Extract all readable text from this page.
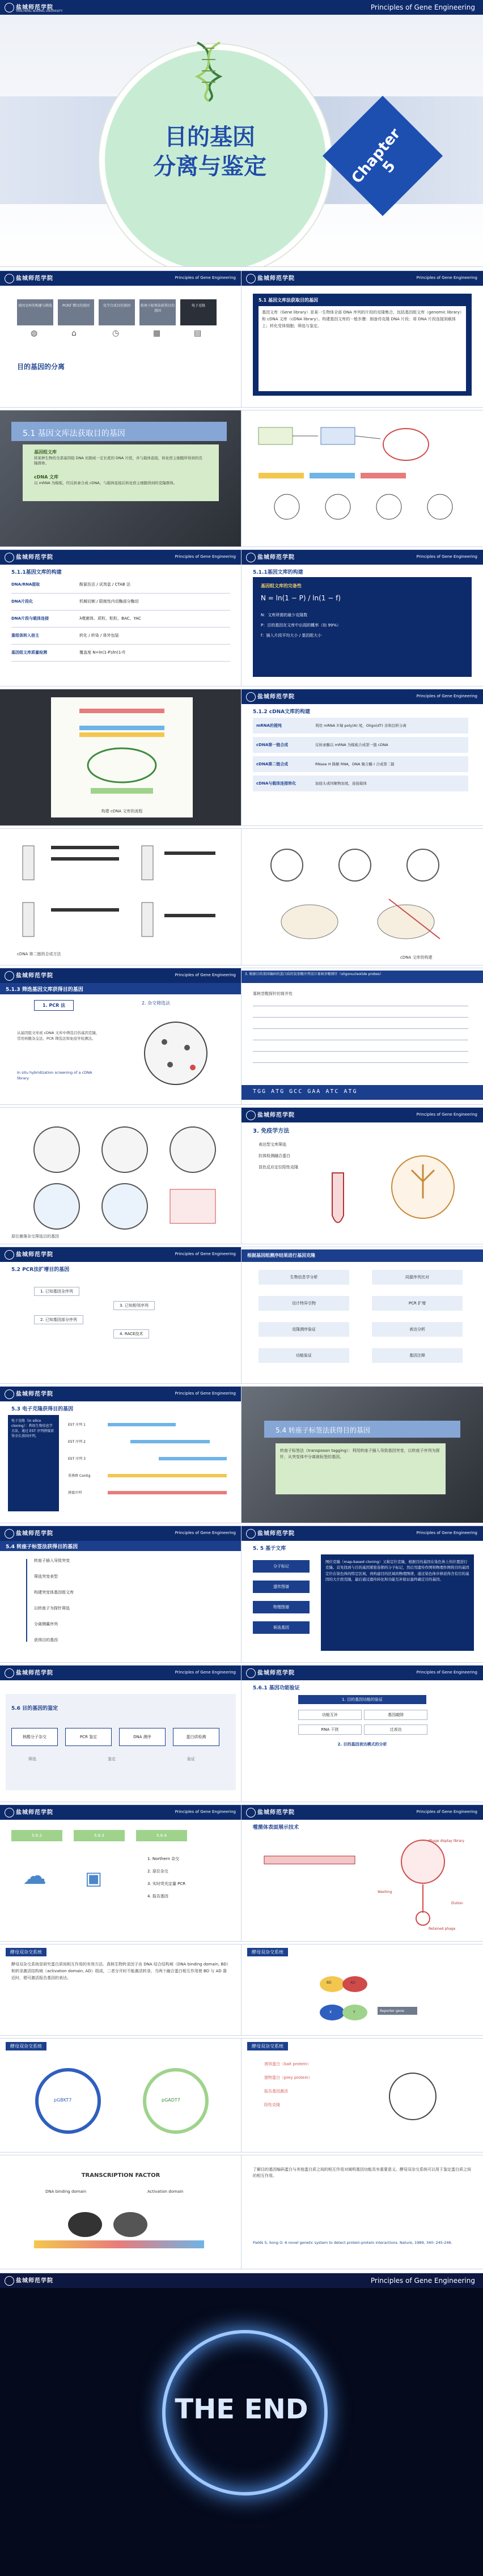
盐城师范学院
YANCHENG NORMAL UNIVERSITY	Principles of Gene Engineering
目的基因
分离与鉴定	Chapter 5
盐城师范学院	Principles of Gene Engineering
基因文库的构建与筛选	PCR扩增目的基因	化学合成目的基因	转座子标签法获得目的基因
电子克隆
◍	⌂	◷	▦	▤
目的基因的分离
盐城师范学院	Principles of Gene Engineering
5.1 基因文库法获取目的基因
基因文库（Gene library）是某一生物体全部 DNA 序列的片段的克隆集合，包括基因组文库（genomic library）和 cDNA 文库（cDNA library）。构建基因文库的一般步骤：制备待克隆 DNA 片段；将 DNA 片段连接到载体上；转化受体细胞；筛选与鉴定。
5.1 基因文库法获取目的基因
基因组文库
将某种生物的全部基因组 DNA 切割成一定长度的 DNA 片段，并与载体连接，转化宿主细胞所得到的克隆群体。
cDNA 文库
以 mRNA 为模板，经反转录合成 cDNA，与载体连接后转化宿主细胞得到的克隆群体。
盐城师范学院	Principles of Gene Engineering
5.1.1基因文库的构建
DNA/RNA提取	酚氯仿法 / 试剂盒 / CTAB 法
DNA片段化	机械切割 / 限制性内切酶部分酶切
DNA片段与载体连接	λ噬菌体、质粒、粘粒、BAC、YAC
重组体转入宿主	转化 / 转染 / 体外包装
基因组文库质量检测	覆盖度 N=ln(1-P)/ln(1-f)
盐城师范学院	Principles of Gene Engineering
5.1.1基因文库的构建
基因组文库的完备性
N = ln(1 − P) / ln(1 − f)
N：文库所需的最少克隆数
P：目的基因在文库中出现的概率（如 99%）
f：插入片段平均大小 / 基因组大小
构建 cDNA 文库的流程
盐城师范学院	Principles of Gene Engineering
5.1.2 cDNA文库的构建
mRNA的提纯	利用 mRNA 3′端 poly(A) 尾，Oligo(dT) 亲和层析分离
cDNA第一链合成	反转录酶以 mRNA 为模板合成第一链 cDNA
cDNA第二链合成	RNase H 降解 RNA，DNA 聚合酶 I 合成第二链
cDNA与载体连接转化	加接头或同聚物加尾，连接载体
cDNA 第二链的合成方法
cDNA 文库的构建
盐城师范学院	Principles of Gene Engineering
5.1.3 筛选基因文库获得目的基因
1. PCR 法	2. 杂交筛选法
从基因组文库或 cDNA 文库中筛选目的基因克隆，常用核酸杂交法、PCR 筛选法和免疫学检测法。
In situ hybridization screening of a cDNA library
3. 根据目的基因编码的蛋白质的氨基酸序列设计寡核苷酸探针（oligonucleotide probes）
寡核苷酸探针的简并性
TGG ATG GCC GAA ATC ATG
原位菌落杂交筛选目的基因
盐城师范学院	Principles of Gene Engineering
3. 免疫学方法
表达型文库筛选
抗体检测融合蛋白
显色反应定位阳性克隆
盐城师范学院	Principles of Gene Engineering
5.2 PCR法扩增目的基因
1. 已知基因全序列
2. 已知基因部分序列
3. 已知相邻序列
4. RACE技术
根据基因组测序结果进行基因克隆
生物信息学分析	同源序列比对
设计特异引物	PCR 扩增
克隆测序验证	表达分析
功能验证	基因注释
盐城师范学院	Principles of Gene Engineering
5.3 电子克隆获得目的基因
电子克隆（in silico cloning）：利用生物信息学方法，通过 EST 序列拼接获得全长基因序列。
EST 序列 1
EST 序列 2
EST 序列 3
重叠群 Contig
拼接序列
5.4 转座子标签法获得目的基因
转座子标签法（transposon tagging）：利用转座子插入导致基因突变，以转座子序列为探针，从突变体中分离被标签的基因。
盐城师范学院	Principles of Gene Engineering
5.4 转座子标签法获得目的基因
转座子插入导致突变
筛选突变表型
构建突变体基因组文库
以转座子为探针筛选
分离侧翼序列
获得目的基因
盐城师范学院	Principles of Gene Engineering
5. 5 基于文库
分子标记
遗传图谱
物理图谱
候选基因
图位克隆（map-based cloning）又称定位克隆，根据目的基因在染色体上的位置进行克隆。首先找到与目的基因紧密连锁的分子标记，然后用遗传作图和物理作图将目的基因定位在染色体的特定区域，再构建目的区域的物理图谱，通过染色体步移获得含有目的基因的大片段克隆，最后通过遗传转化和功能互补验证最终确定目的基因。
盐城师范学院	Principles of Gene Engineering
5.6 目的基因的鉴定
核酸分子杂交	PCR 鉴定	DNA 测序	蛋白质检测
筛选	鉴定	验证
盐城师范学院	Principles of Gene Engineering
5.6.1 基因功能验证
1. 目的基因功能的验证
功能互补	基因敲除
RNA 干扰	过表达
2. 目的基因表达模式的分析
盐城师范学院	Principles of Gene Engineering
5.6.2	5.6.3	5.6.4
☁ ▣
1. Northern 杂交
2. 原位杂交
3. 实时荧光定量 PCR
4. 报告基因
盐城师范学院	Principles of Gene Engineering
噬菌体表面展示技术
Phage display library
Washing
Elution
Retained phage
酵母双杂交系统
酵母双杂交系统是研究蛋白质间相互作用的有效方法。真核生物转录因子由 DNA 结合结构域（DNA binding domain, BD）和转录激活结构域（activation domain, AD）组成，二者分开时不能激活转录，当两个融合蛋白相互作用使 BD 与 AD 靠近时，便可激活报告基因的表达。
酵母双杂交系统
BD	AD
X	Y	Reporter gene
酵母双杂交系统
pGBKT7	pGADT7
酵母双杂交系统
诱饵蛋白（bait protein）
猎物蛋白（prey protein）
报告基因激活
阳性克隆
TRANSCRIPTION FACTOR
DNA binding domain	Activation domain
了解目的基因编码蛋白与其他蛋白质之间的相互作用对阐明基因功能具有重要意义。酵母双杂交系统可以用于鉴定蛋白质之间的相互作用。
Fields S, Song O. A novel genetic system to detect protein-protein interactions. Nature, 1989, 340: 245-246.
盐城师范学院	Principles of Gene Engineering
THE END
